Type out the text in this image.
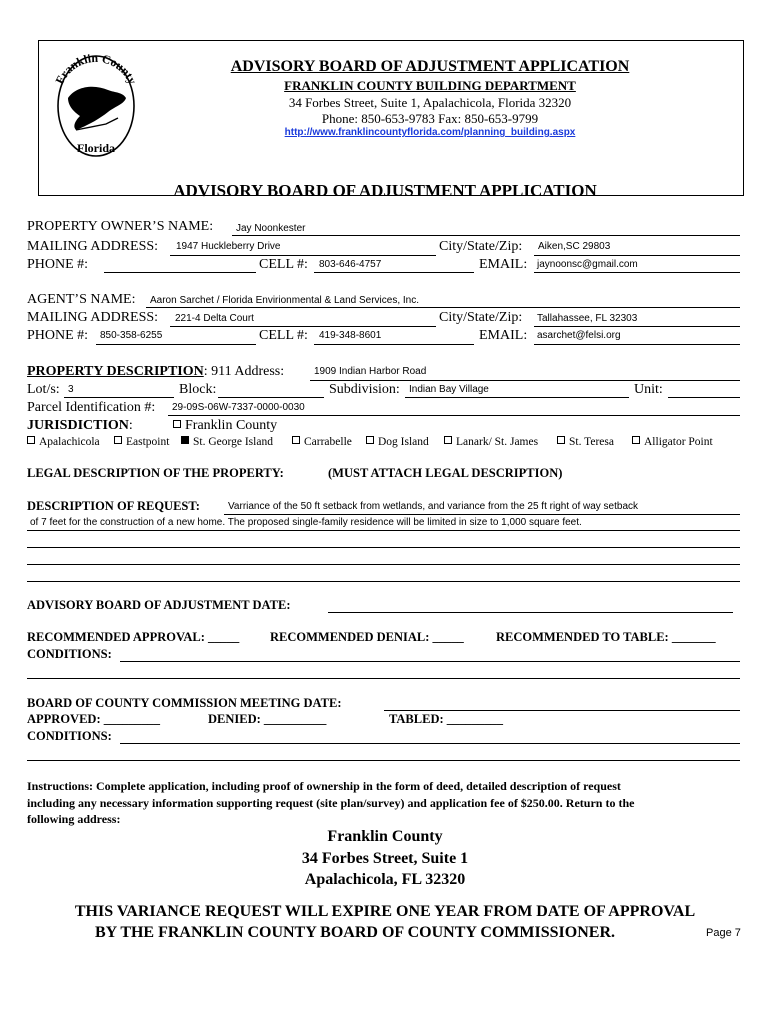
Franklin County
Florida
ADVISORY BOARD OF ADJUSTMENT APPLICATION
FRANKLIN COUNTY BUILDING DEPARTMENT
34 Forbes Street, Suite 1, Apalachicola, Florida 32320
Phone: 850-653-9783 Fax: 850-653-9799
http://www.franklincountyflorida.com/planning_building.aspx
ADVISORY BOARD OF ADJUSTMENT APPLICATION
PROPERTY OWNER’S NAME: Jay Noonkester
MAILING ADDRESS: 1947 Huckleberry Drive	City/State/Zip: Aiken,SC 29803
PHONE #:	CELL #: 803-646-4757	EMAIL: jaynoonsc@gmail.com
AGENT’S NAME: Aaron Sarchet / Florida Envirionmental & Land Services, Inc.
MAILING ADDRESS: 221-4 Delta Court	City/State/Zip: Tallahassee, FL 32303
PHONE #: 850-358-6255	CELL #: 419-348-8601	EMAIL: asarchet@felsi.org
PROPERTY DESCRIPTION: 911 Address:	1909 Indian Harbor Road
Lot/s: 3	Block:	Subdivision: Indian Bay Village	Unit:
Parcel Identification #: 29-09S-06W-7337-0000-0030
JURISDICTION:	Franklin County
Apalachicola	Eastpoint	St. George Island	Carrabelle	Dog Island	Lanark/ St. James	St. Teresa	Alligator Point
LEGAL DESCRIPTION OF THE PROPERTY:	(MUST ATTACH LEGAL DESCRIPTION)
DESCRIPTION OF REQUEST:	Varriance of the 50 ft setback from wetlands, and variance from the 25 ft right of way setback
of 7 feet for the construction of a new home. The proposed single-family residence will be limited in size to 1,000 square feet.
ADVISORY BOARD OF ADJUSTMENT DATE:
RECOMMENDED APPROVAL: _____ RECOMMENDED DENIAL: _____	RECOMMENDED TO TABLE: _______
CONDITIONS:
BOARD OF COUNTY COMMISSION MEETING DATE:
APPROVED: _________	DENIED: __________	TABLED: _________
CONDITIONS:
Instructions: Complete application, including proof of ownership in the form of deed, detailed description of request
including any necessary information supporting request (site plan/survey) and application fee of $250.00. Return to the
following address:
Franklin County
34 Forbes Street, Suite 1
Apalachicola, FL 32320
THIS VARIANCE REQUEST WILL EXPIRE ONE YEAR FROM DATE OF APPROVAL
BY THE FRANKLIN COUNTY BOARD OF COUNTY COMMISSIONER.	Page 7
